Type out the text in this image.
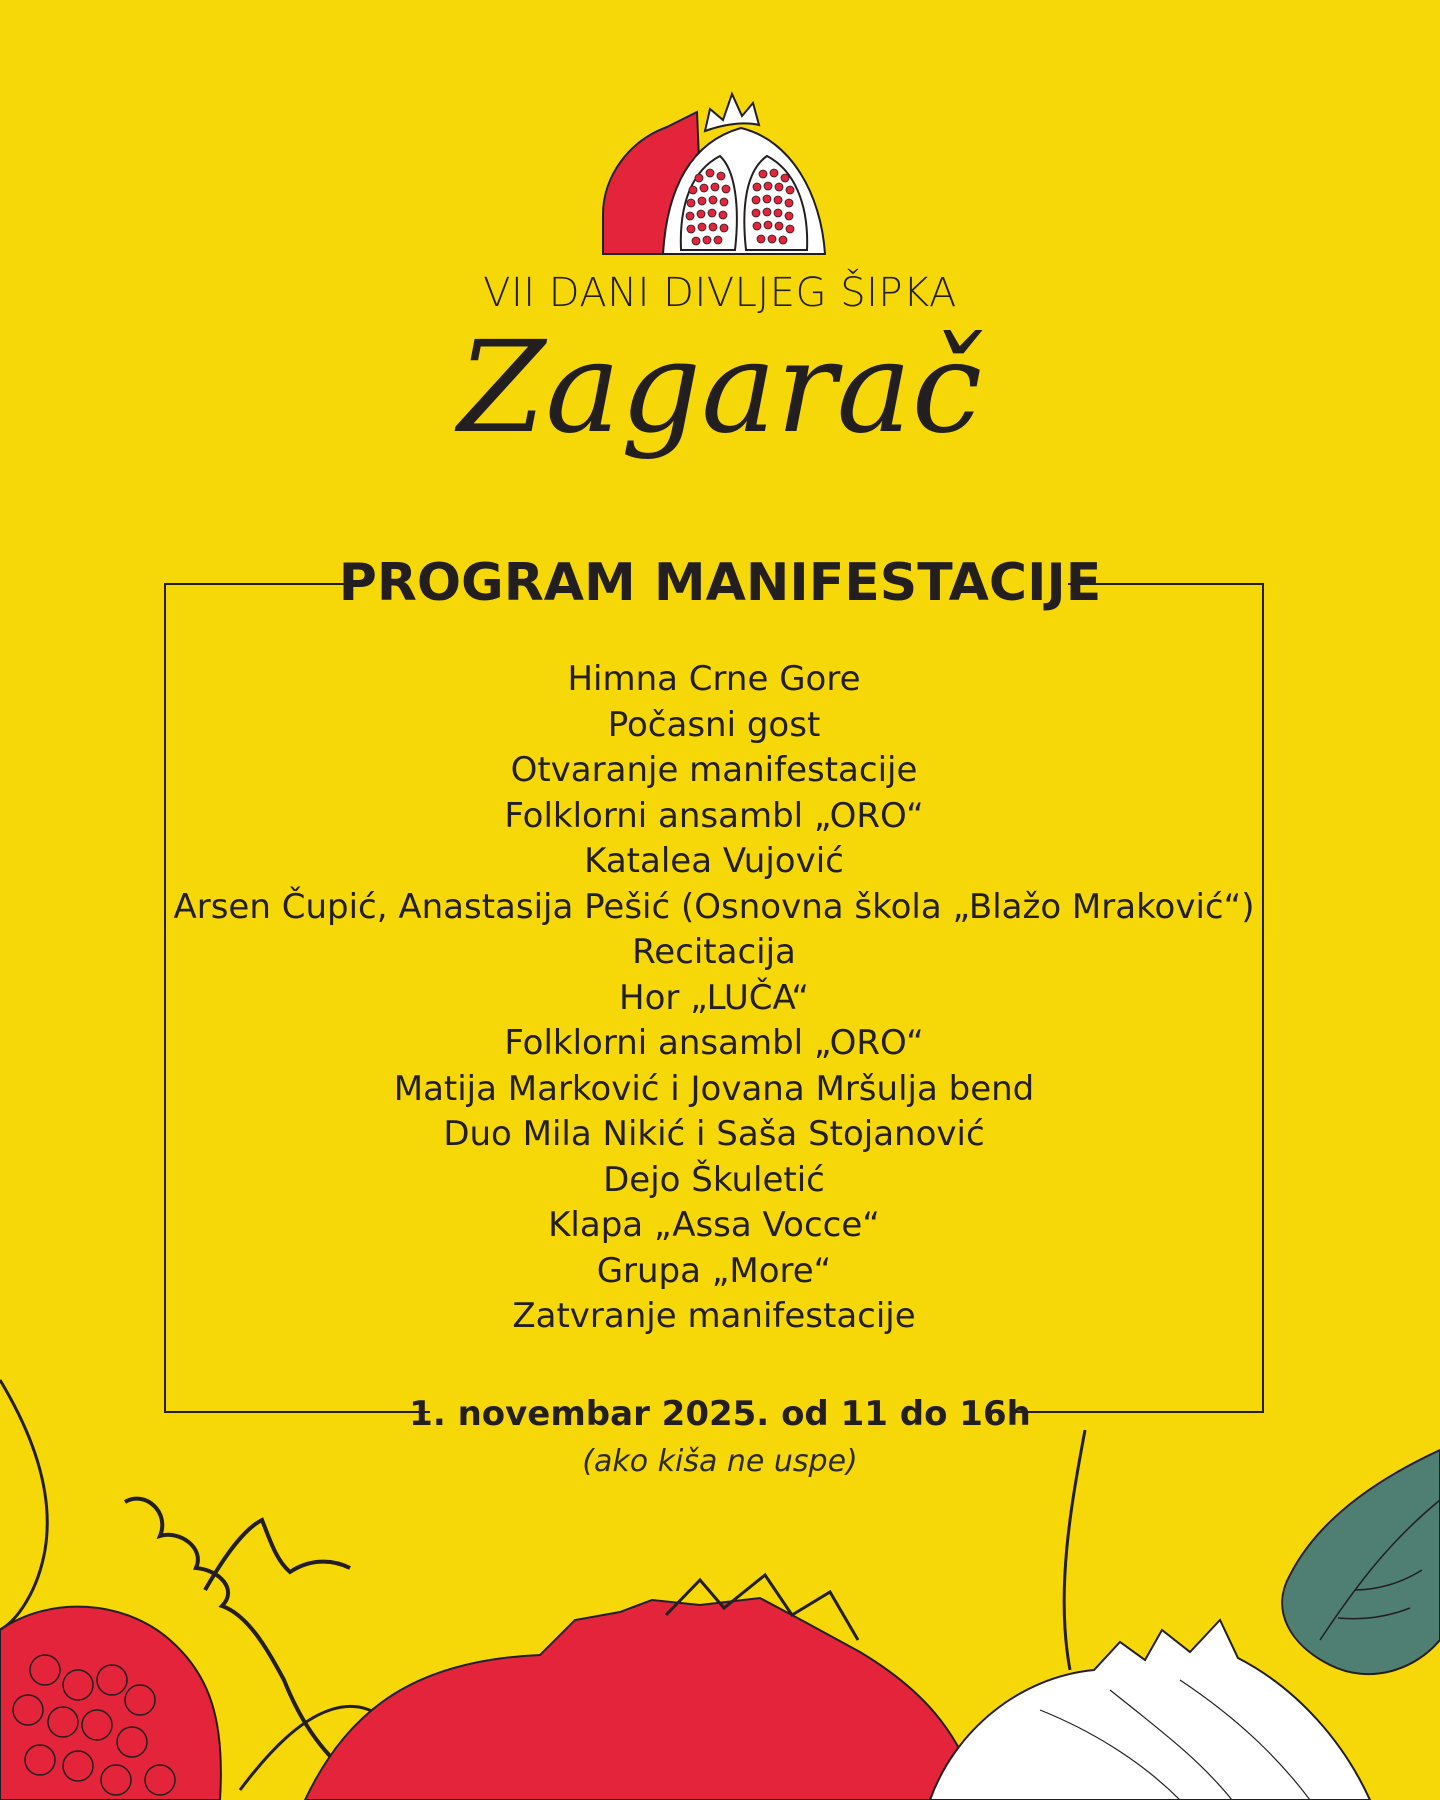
VII DANI DIVLJEG ŠIPKA
Zagarač
PROGRAM MANIFESTACIJE
Himna Crne Gore
Počasni gost
Otvaranje manifestacije
Folklorni ansambl „ORO“
Katalea Vujović
Arsen Čupić, Anastasija Pešić (Osnovna škola „Blažo Mraković“)
Recitacija
Hor „LUČA“
Folklorni ansambl „ORO“
Matija Marković i Jovana Mršulja bend
Duo Mila Nikić i Saša Stojanović
Dejo Škuletić
Klapa „Assa Vocce“
Grupa „More“
Zatvranje manifestacije
1. novembar 2025. od 11 do 16h
(ako kiša ne uspe)
